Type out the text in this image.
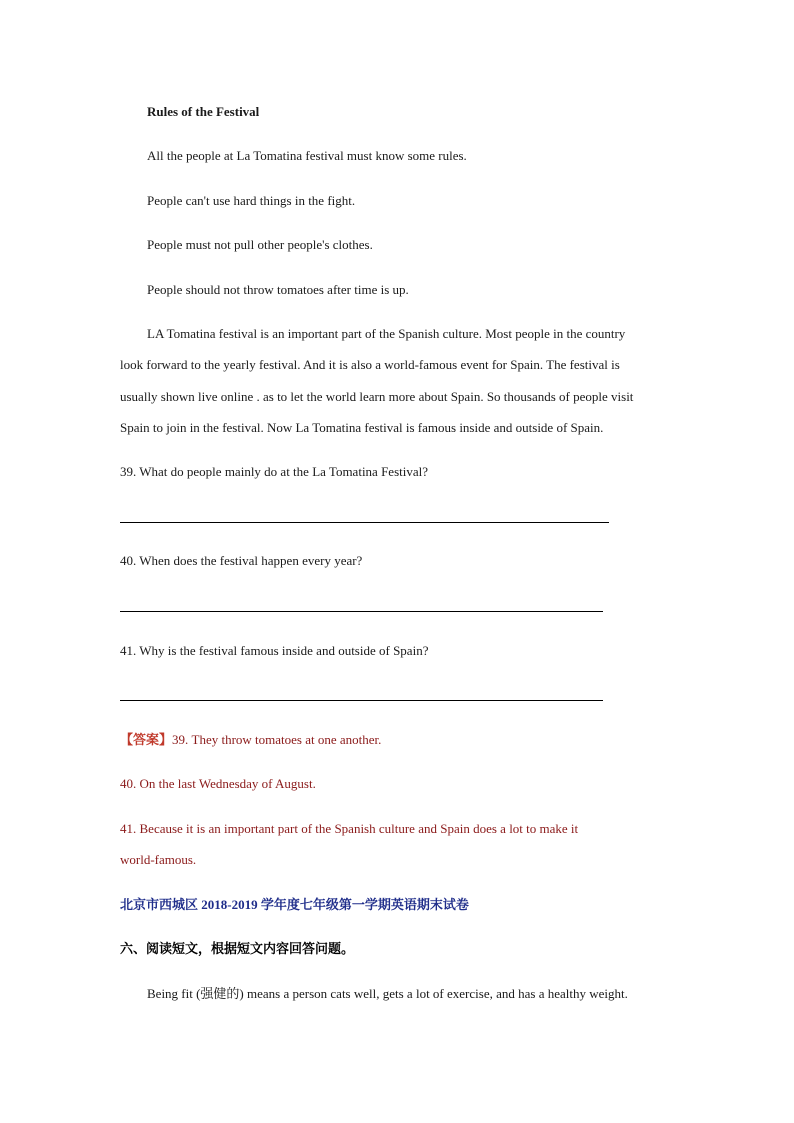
Rules of the Festival
All the people at La Tomatina festival must know some rules.
People can't use hard things in the fight.
People must not pull other people's clothes.
People should not throw tomatoes after time is up.
LA Tomatina festival is an important part of the Spanish culture. Most people in the country
look forward to the yearly festival. And it is also a world-famous event for Spain. The festival is
usually shown live online . as to let the world learn more about Spain. So thousands of people visit
Spain to join in the festival. Now La Tomatina festival is famous inside and outside of Spain.
39. What do people mainly do at the La Tomatina Festival?
40. When does the festival happen every year?
41. Why is the festival famous inside and outside of Spain?
【答案】39. They throw tomatoes at one another.
40. On the last Wednesday of August.
41. Because it is an important part of the Spanish culture and Spain does a lot to make it
world-famous.
北京市西城区 2018-2019 学年度七年级第一学期英语期末试卷
六、阅读短文，根据短文内容回答问题。
Being fit (强健的) means a person cats well, gets a lot of exercise, and has a healthy weight.
